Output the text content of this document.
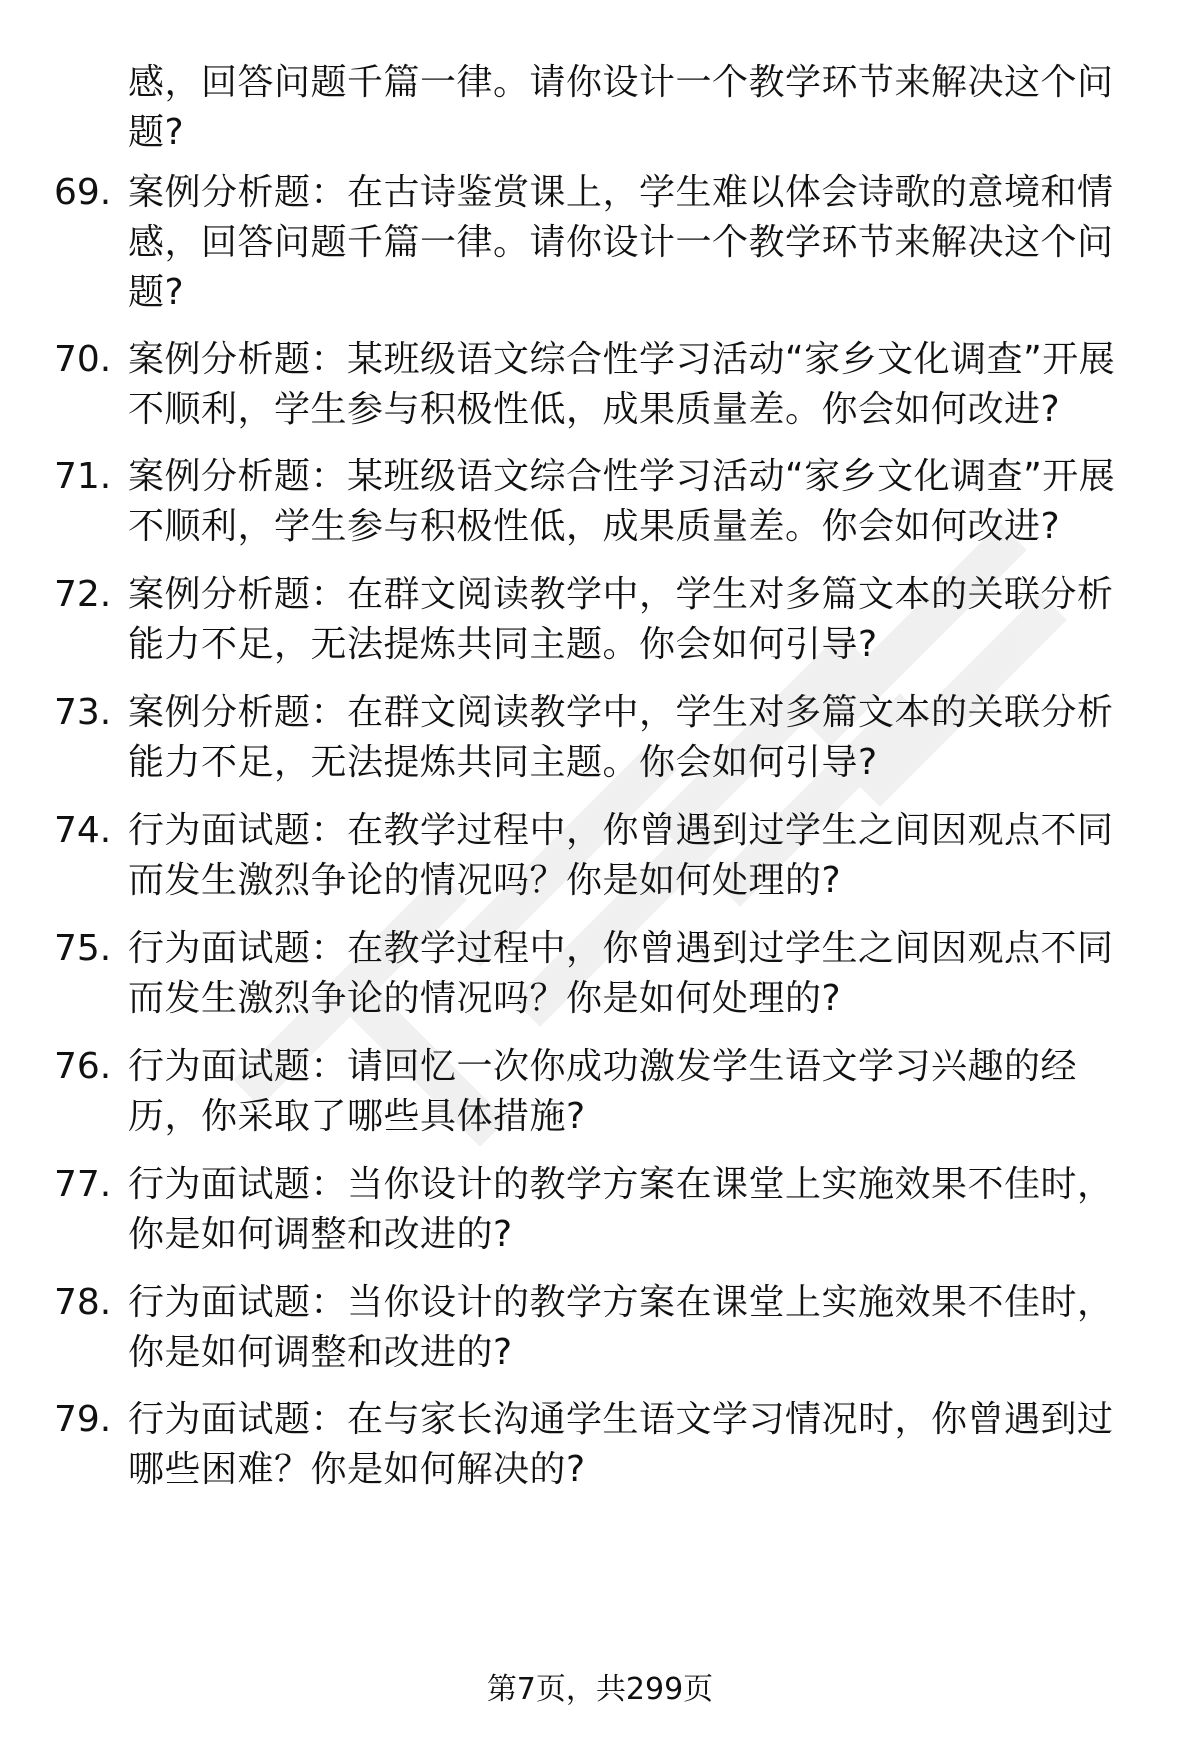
感，回答问题千篇一律。请你设计一个教学环节来解决这个问题?
69. 案例分析题：在古诗鉴赏课上，学生难以体会诗歌的意境和情感，回答问题千篇一律。请你设计一个教学环节来解决这个问题?
70. 案例分析题：某班级语文综合性学习活动“家乡文化调查”开展不顺利，学生参与积极性低，成果质量差。你会如何改进?
71. 案例分析题：某班级语文综合性学习活动“家乡文化调查”开展不顺利，学生参与积极性低，成果质量差。你会如何改进?
72. 案例分析题：在群文阅读教学中，学生对多篇文本的关联分析能力不足，无法提炼共同主题。你会如何引导?
73. 案例分析题：在群文阅读教学中，学生对多篇文本的关联分析能力不足，无法提炼共同主题。你会如何引导?
74. 行为面试题：在教学过程中，你曾遇到过学生之间因观点不同而发生激烈争论的情况吗？你是如何处理的?
75. 行为面试题：在教学过程中，你曾遇到过学生之间因观点不同而发生激烈争论的情况吗？你是如何处理的?
76. 行为面试题：请回忆一次你成功激发学生语文学习兴趣的经历，你采取了哪些具体措施?
77. 行为面试题：当你设计的教学方案在课堂上实施效果不佳时，你是如何调整和改进的?
78. 行为面试题：当你设计的教学方案在课堂上实施效果不佳时，你是如何调整和改进的?
79. 行为面试题：在与家长沟通学生语文学习情况时，你曾遇到过哪些困难？你是如何解决的?
第7页，共299页
